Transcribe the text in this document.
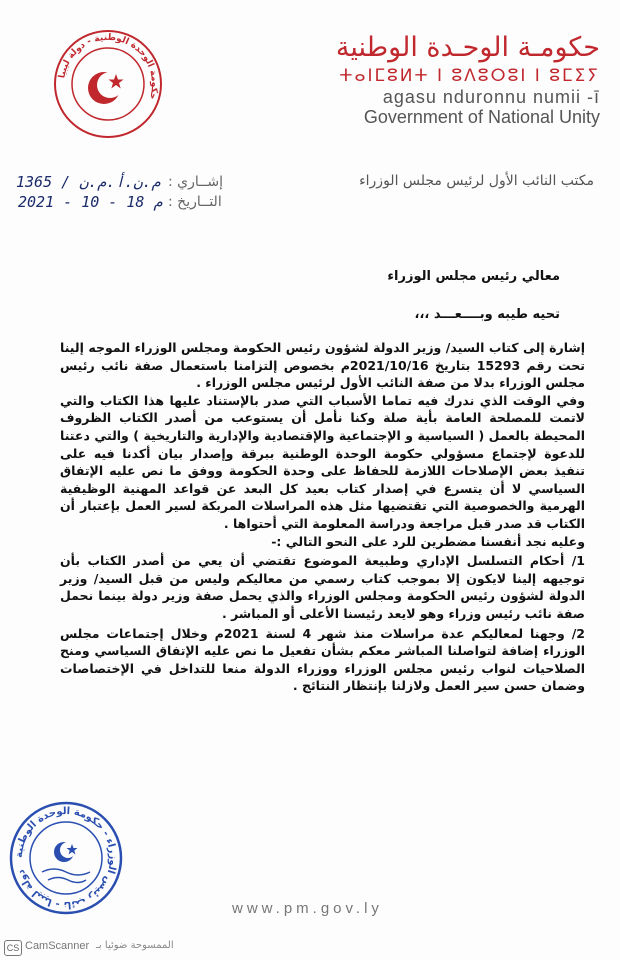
حكومة الوحدة الوطنية - دولة ليبيا
حكومـة الوحـدة الوطنية
ⵜⴰⵏⵎⵓⵍⵜ ⵏ ⵓⴷⵓⵔⵓⵏ ⵏ ⵓⵎⵉⵢ
agasu nduronnu numii -ī
Government of National Unity
مكتب النائب الأول لرئيس مجلس الوزراء
إشــاري :
1365 / م.ن.أ.م.ن
التــاريخ :
2021 - 10 - 18 م
معالي رئيس مجلس الوزراء
تحيه طيبه وبــــعـــد ،،،

إشارة إلى كتاب السيد/ وزير الدولة لشؤون رئيس الحكومة ومجلس الوزراء الموجه إلينا تحت رقم 15293 بتاريخ 2021/10/16م بخصوص إلتزامنا باستعمال صفة نائب رئيس مجلس الوزراء بدلا من صفة النائب الأول لرئيس مجلس الوزراء .

وفي الوقت الذي ندرك فيه تماما الأسباب التي صدر بالإستناد عليها هذا الكتاب والتي لاتمت للمصلحة العامة بأية صلة وكنا نأمل أن يستوعب من أصدر الكتاب الظروف المحيطة بالعمل ( السياسية و الإجتماعية والإقتصادية والإدارية والتاريخية ) والتي دعتنا للدعوة لإجتماع مسؤولي حكومة الوحدة الوطنية ببرقة وإصدار بيان أكدنا فيه على تنفيذ بعض الإصلاحات اللازمة للحفاظ على وحدة الحكومة ووفق ما نص عليه الإتفاق السياسي لا أن يتسرع في إصدار كتاب بعيد كل البعد عن قواعد المهنية الوظيفية الهرمية والخصوصية التي تقتضيها مثل هذه المراسلات المربكة لسير العمل بإعتبار أن الكتاب قد صدر قبل مراجعة ودراسة المعلومة التي أحتواها .

وعليه نجد أنفسنا مضطرين للرد على النحو التالي :-

1/ أحكام التسلسل الإداري وطبيعة الموضوع تقتضي أن يعي من أصدر الكتاب بأن توجيهه إلينا لايكون إلا بموجب كتاب رسمي من معاليكم وليس من قبل السيد/ وزير الدولة لشؤون رئيس الحكومة ومجلس الوزراء والذي يحمل صفة وزير دولة بينما نحمل صفة نائب رئيس وزراء وهو لايعد رئيسنا الأعلى أو المباشر .

2/ وجهنا لمعاليكم عدة مراسلات منذ شهر 4 لسنة 2021م وخلال إجتماعات مجلس الوزراء إضافة لتواصلنا المباشر معكم بشأن تفعيل ما نص عليه الإتفاق السياسي ومنح الصلاحيات لنواب رئيس مجلس الوزراء ووزراء الدولة منعا للتداخل في الإختصاصات وضمان حسن سير العمل ولازلنا بإنتظار النتائج .

دولة ليبيا - نائب رئيس الوزراء - حكومة الوحدة الوطنية
www.pm.gov.ly
CS CamScanner الممسوحة ضوئيا بـ
